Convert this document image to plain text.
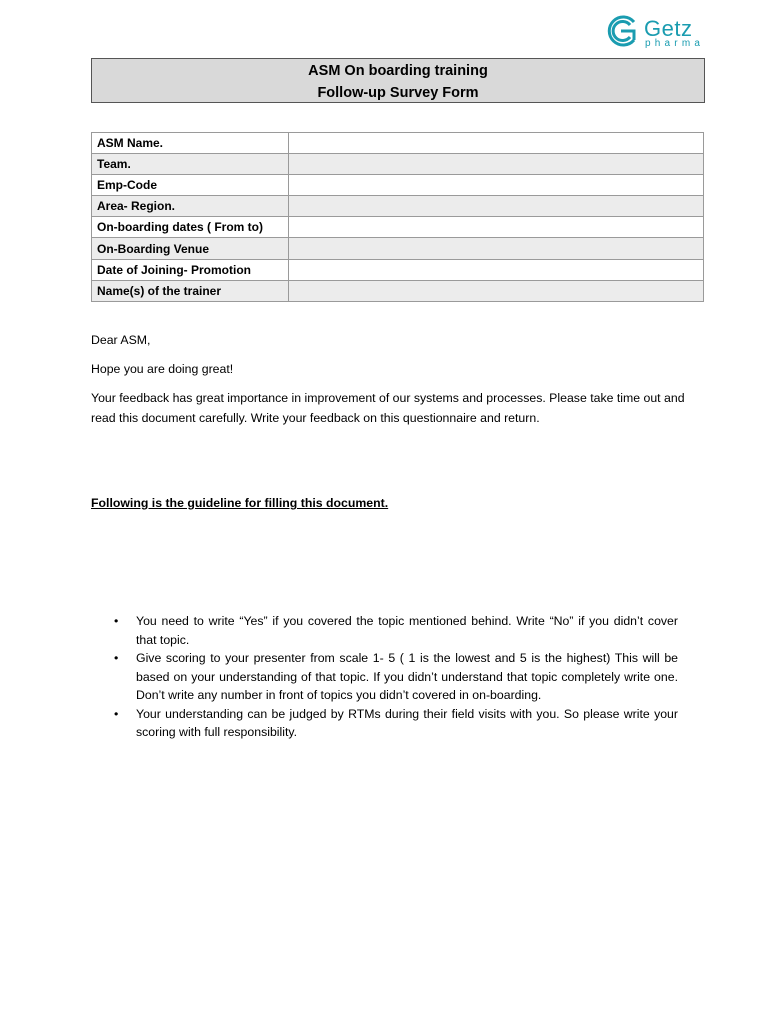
Getz
pharma
ASM On boarding training
Follow-up Survey Form
ASM Name.	
Team.	
Emp-Code	
Area- Region.	
On-boarding dates ( From to)	
On-Boarding Venue	
Date of Joining- Promotion	
Name(s) of the trainer	
Dear ASM,
Hope you are doing great!
Your feedback has great importance in improvement of our systems and processes. Please take time out and read this document carefully. Write your feedback on this questionnaire and return.
Following is the guideline for filling this document.
• You need to write “Yes” if you covered the topic mentioned behind. Write “No” if you didn’t cover that topic.
• Give scoring to your presenter from scale 1- 5 ( 1 is the lowest and 5 is the highest) This will be based on your understanding of that topic. If you didn’t understand that topic completely write one. Don’t write any number in front of topics you didn’t covered in on-boarding.
• Your understanding can be judged by RTMs during their field visits with you. So please write your scoring with full responsibility.
